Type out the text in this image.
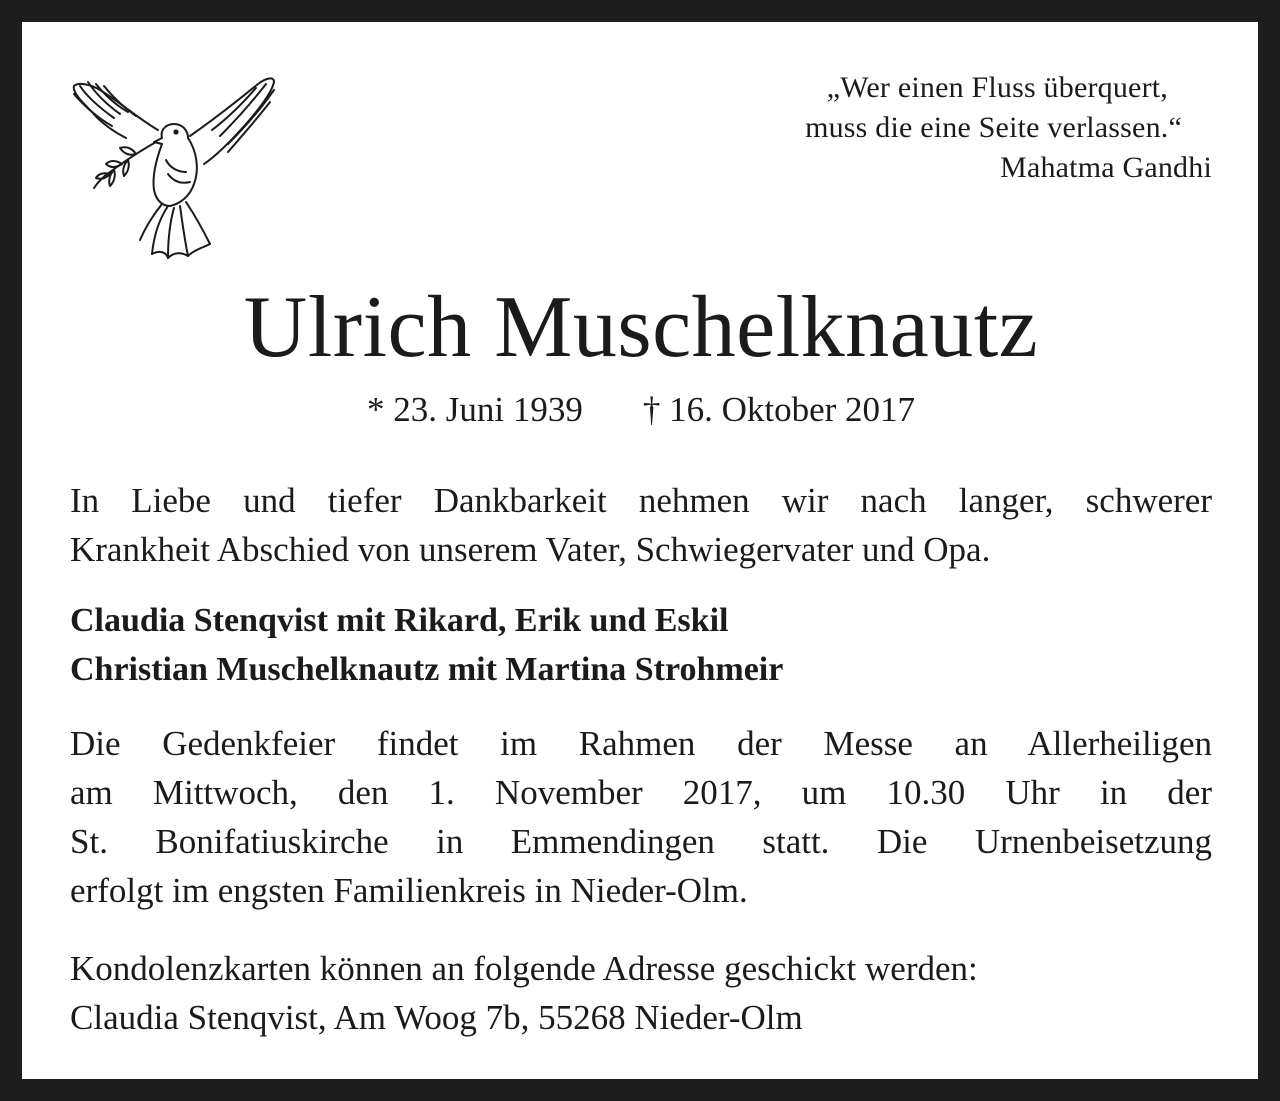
„Wer einen Fluss überquert,
muss die eine Seite verlassen.“
Mahatma Gandhi
Ulrich Muschelknautz
* 23. Juni 1939 † 16. Oktober 2017
In Liebe und tiefer Dankbarkeit nehmen wir nach langer, schwerer
Krankheit Abschied von unserem Vater, Schwiegervater und Opa.
Claudia Stenqvist mit Rikard, Erik und Eskil
Christian Muschelknautz mit Martina Strohmeir
Die Gedenkfeier findet im Rahmen der Messe an Allerheiligen
am Mittwoch, den 1. November 2017, um 10.30 Uhr in der
St. Bonifatiuskirche in Emmendingen statt. Die Urnenbeisetzung
erfolgt im engsten Familienkreis in Nieder-Olm.
Kondolenzkarten können an folgende Adresse geschickt werden:
Claudia Stenqvist, Am Woog 7b, 55268 Nieder-Olm
